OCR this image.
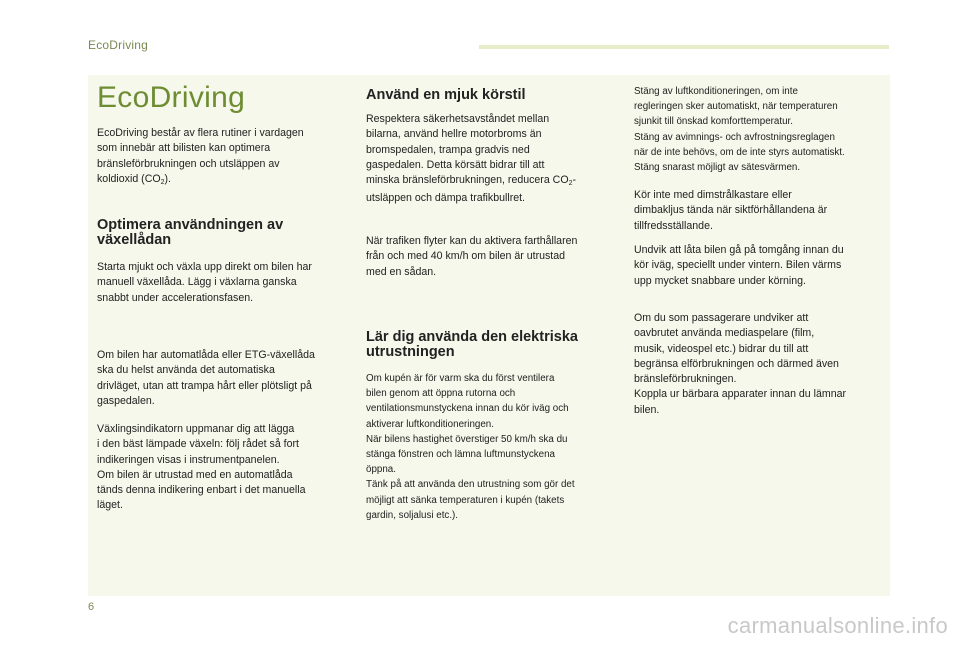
EcoDriving
EcoDriving

EcoDriving består av flera rutiner i vardagen
som innebär att bilisten kan optimera
bränsleförbrukningen och utsläppen av
koldioxid $(CO_2)$.

Optimera användningen av
växellådan

Starta mjukt och växla upp direkt om bilen har
manuell växellåda. Lägg i växlarna ganska
snabbt under accelerationsfasen.

Om bilen har automatlåda eller ETG-växellåda
ska du helst använda det automatiska
drivläget, utan att trampa hårt eller plötsligt på
gaspedalen.

Växlingsindikatorn uppmanar dig att lägga
i den bäst lämpade växeln: följ rådet så fort
indikeringen visas i instrumentpanelen.
Om bilen är utrustad med en automatlåda
tänds denna indikering enbart i det manuella
läget.

Använd en mjuk körstil

Respektera säkerhetsavståndet mellan
bilarna, använd hellre motorbroms än
bromspedalen, trampa gradvis ned
gaspedalen. Detta körsätt bidrar till att
minska bränsleförbrukningen, reducera $CO_2-$
utsläppen och dämpa trafikbullret.

När trafiken flyter kan du aktivera farthållaren
från och med 40 km/h om bilen är utrustad
med en sådan.

Lär dig använda den elektriska
utrustningen

Om kupén är för varm ska du först ventilera
bilen genom att öppna rutorna och
ventilationsmunstyckena innan du kör iväg och
aktiverar luftkonditioneringen.
När bilens hastighet överstiger 50 km/h ska du
stänga fönstren och lämna luftmunstyckena
öppna.
Tänk på att använda den utrustning som gör det
möjligt att sänka temperaturen i kupén (takets
gardin, soljalusi etc.).

Stäng av luftkonditioneringen, om inte
regleringen sker automatiskt, när temperaturen
sjunkit till önskad komforttemperatur.
Stäng av avimnings- och avfrostningsreglagen
när de inte behövs, om de inte styrs automatiskt.
Stäng snarast möjligt av sätesvärmen.

Kör inte med dimstrålkastare eller
dimbakljus tända när siktförhållandena är
tillfredsställande.

Undvik att låta bilen gå på tomgång innan du
kör iväg, speciellt under vintern. Bilen värms
upp mycket snabbare under körning.

Om du som passagerare undviker att
oavbrutet använda mediaspelare (film,
musik, videospel etc.) bidrar du till att
begränsa elförbrukningen och därmed även
bränsleförbrukningen.
Koppla ur bärbara apparater innan du lämnar
bilen.

6
carmanualsonline.info
